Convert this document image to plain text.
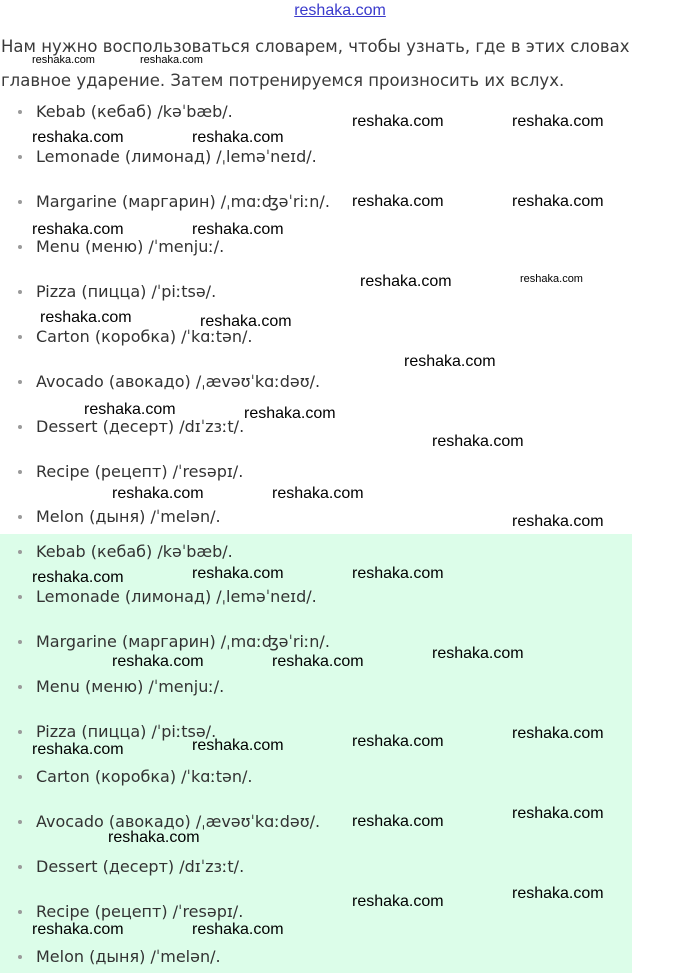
reshaka.com
Нам нужно воспользоваться словарем, чтобы узнать, где в этих словах главное ударение. Затем потренируемся произносить их вслух.
Kebab (кебаб) /kəˈbæb/.
Lemonade (лимонад) /ˌleməˈneɪd/.
Margarine (маргарин) /ˌmɑːʤəˈriːn/.
Menu (меню) /ˈmenjuː/.
Pizza (пицца) /ˈpiːtsə/.
Carton (коробка) /ˈkɑːtən/.
Avocado (авокадо) /ˌævəʊˈkɑːdəʊ/.
Dessert (десерт) /dɪˈzɜːt/.
Recipe (рецепт) /ˈresəpɪ/.
Melon (дыня) /ˈmelən/.
Kebab (кебаб) /kəˈbæb/.
Lemonade (лимонад) /ˌleməˈneɪd/.
Margarine (маргарин) /ˌmɑːʤəˈriːn/.
Menu (меню) /ˈmenjuː/.
Pizza (пицца) /ˈpiːtsə/.
Carton (коробка) /ˈkɑːtən/.
Avocado (авокадо) /ˌævəʊˈkɑːdəʊ/.
Dessert (десерт) /dɪˈzɜːt/.
Recipe (рецепт) /ˈresəpɪ/.
Melon (дыня) /ˈmelən/.
reshaka.com	reshaka.com
reshaka.com	reshaka.com
reshaka.com	reshaka.com
reshaka.com	reshaka.com
reshaka.com	reshaka.com
reshaka.com	reshaka.com
reshaka.com	reshaka.com
reshaka.com
reshaka.com	reshaka.com
reshaka.com
reshaka.com	reshaka.com
reshaka.com
reshaka.com	reshaka.com
reshaka.com
reshaka.com
reshaka.com	reshaka.com
reshaka.com
reshaka.com
reshaka.com
reshaka.com
reshaka.com
reshaka.com
reshaka.com
reshaka.com
reshaka.com
reshaka.com	reshaka.com
